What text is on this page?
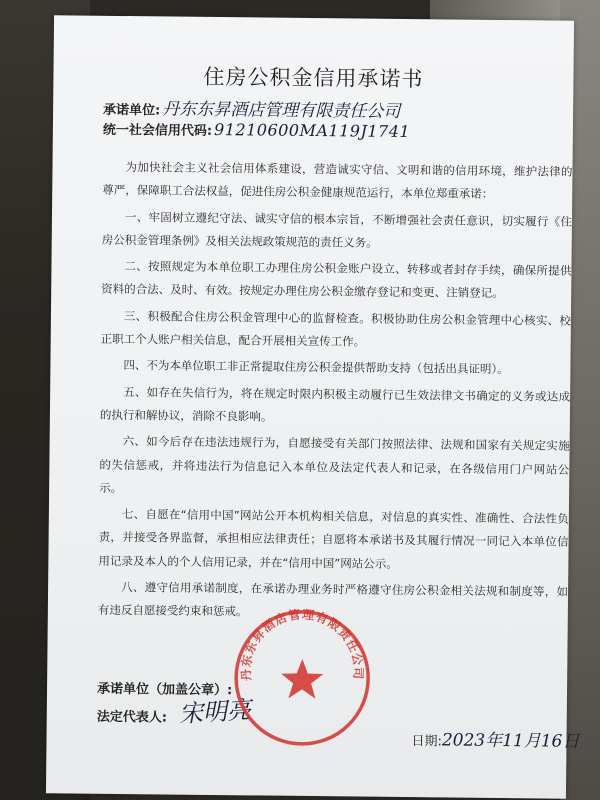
住房公积金信用承诺书
承诺单位: 丹东东昇酒店管理有限责任公司
统一社会信用代码: 91210600MA119J1741

为加快社会主义社会信用体系建设，营造诚实守信、文明和谐的信用环境，维护法律的尊严，保障职工合法权益，促进住房公积金健康规范运行，本单位郑重承诺：

一、牢固树立遵纪守法、诚实守信的根本宗旨，不断增强社会责任意识，切实履行《住房公积金管理条例》及相关法规政策规范的责任义务。

二、按照规定为本单位职工办理住房公积金账户设立、转移或者封存手续，确保所提供资料的合法、及时、有效。按规定办理住房公积金缴存登记和变更、注销登记。

三、积极配合住房公积金管理中心的监督检查。积极协助住房公积金管理中心核实、校正职工个人账户相关信息，配合开展相关宣传工作。

四、不为本单位职工非正常提取住房公积金提供帮助支持（包括出具证明）。

五、如存在失信行为，将在规定时限内积极主动履行已生效法律文书确定的义务或达成的执行和解协议，消除不良影响。

六、如今后存在违法违规行为，自愿接受有关部门按照法律、法规和国家有关规定实施的失信惩戒，并将违法行为信息记入本单位及法定代表人和记录，在各级信用门户网站公示。

七、自愿在“信用中国”网站公开本机构相关信息，对信息的真实性、准确性、合法性负责，并接受各界监督，承担相应法律责任；自愿将本承诺书及其履行情况一同记入本单位信用记录及本人的个人信用记录，并在“信用中国”网站公示。

八、遵守信用承诺制度，在承诺办理业务时严格遵守住房公积金相关法规和制度等，如有违反自愿接受约束和惩戒。

承诺单位（加盖公章）:
法定代表人: 宋明亮
日期:2023年11月16日
丹东东昇酒店管理有限责任公司
